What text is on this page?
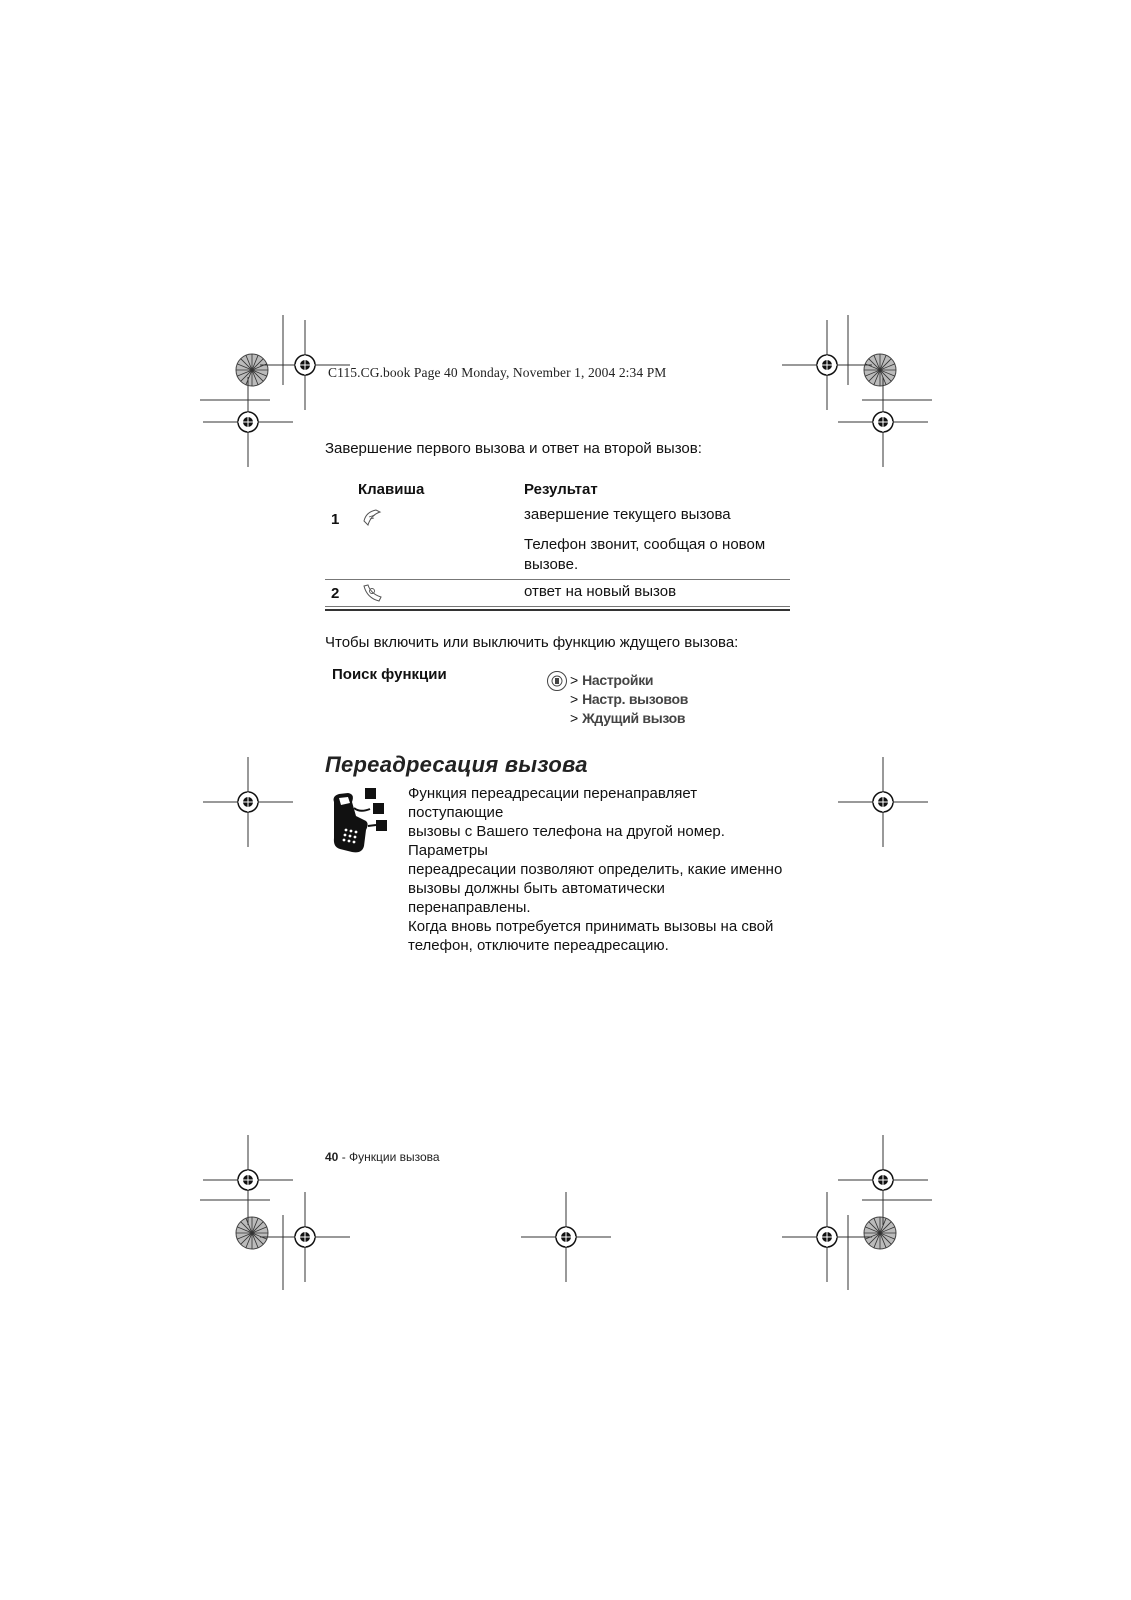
C115.CG.book Page 40 Monday, November 1, 2004 2:34 PM
Завершение первого вызова и ответ на второй вызов:
Клавиша	Результат
1	завершение текущего вызова
Телефон звонит, сообщая о новом вызове.
2	ответ на новый вызов
Чтобы включить или выключить функцию ждущего вызова:
Поиск функции	> Настройки
> Настр. вызовов
> Ждущий вызов
Переадресация вызова
Функция переадресации перенаправляет поступающие
вызовы с Вашего телефона на другой номер. Параметры
переадресации позволяют определить, какие именно
вызовы должны быть автоматически перенаправлены.
Когда вновь потребуется принимать вызовы на свой
телефон, отключите переадресацию.
40 - Функции вызова
